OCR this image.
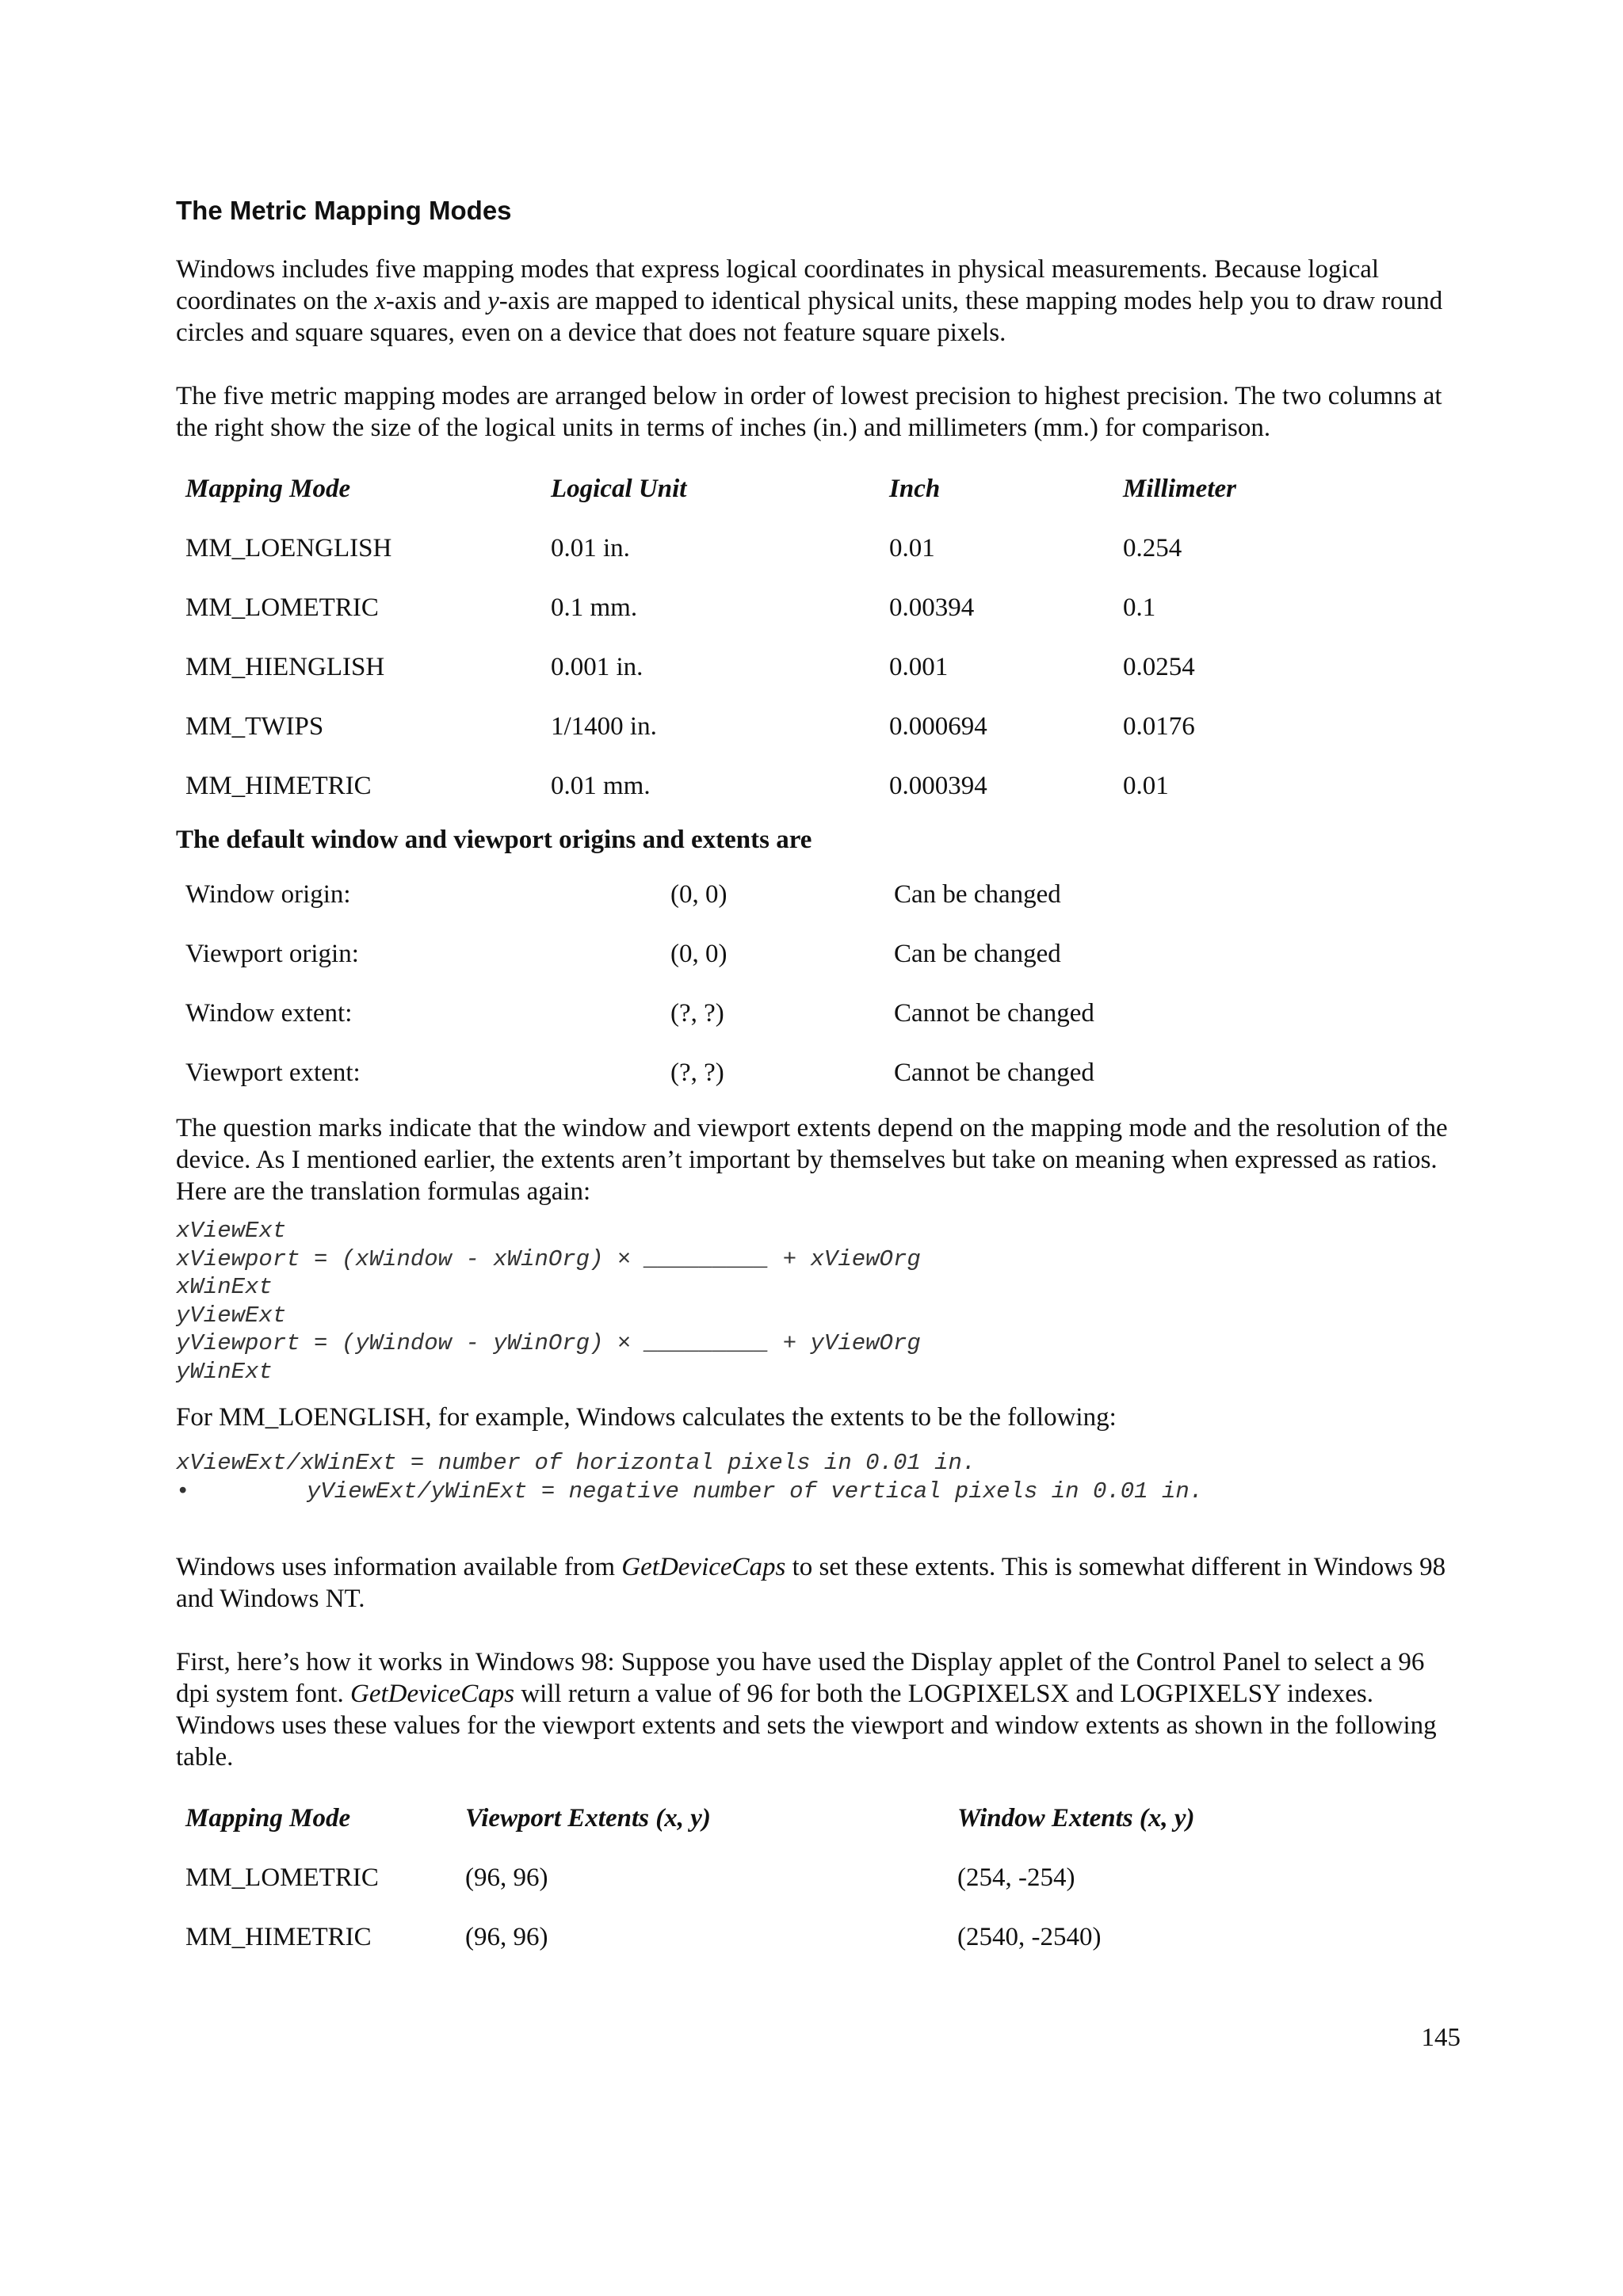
The Metric Mapping Modes

Windows includes five mapping modes that express logical coordinates in physical measurements. Because logical coordinates on the x-axis and y-axis are mapped to identical physical units, these mapping modes help you to draw round circles and square squares, even on a device that does not feature square pixels.

The five metric mapping modes are arranged below in order of lowest precision to highest precision. The two columns at the right show the size of the logical units in terms of inches (in.) and millimeters (mm.) for comparison.

Mapping Mode	Logical Unit	Inch	Millimeter
MM_LOENGLISH	0.01 in.	0.01	0.254
MM_LOMETRIC	0.1 mm.	0.00394	0.1
MM_HIENGLISH	0.001 in.	0.001	0.0254
MM_TWIPS	1/1400 in.	0.000694	0.0176
MM_HIMETRIC	0.01 mm.	0.000394	0.01
The default window and viewport origins and extents are
Window origin:	(0, 0)	Can be changed
Viewport origin:	(0, 0)	Can be changed
Window extent:	(?, ?)	Cannot be changed
Viewport extent:	(?, ?)	Cannot be changed

The question marks indicate that the window and viewport extents depend on the mapping mode and the resolution of the device. As I mentioned earlier, the extents aren’t important by themselves but take on meaning when expressed as ratios. Here are the translation formulas again:

xViewExt
xViewport = (xWindow - xWinOrg) × _________ + xViewOrg
xWinExt
yViewExt
yViewport = (yWindow - yWinOrg) × _________ + yViewOrg
yWinExt

For MM_LOENGLISH, for example, Windows calculates the extents to be the following:

xViewExt/xWinExt = number of horizontal pixels in 0.01 in.
•	yViewExt/yWinExt = negative number of vertical pixels in 0.01 in.

Windows uses information available from GetDeviceCaps to set these extents. This is somewhat different in Windows 98 and Windows NT.

First, here’s how it works in Windows 98: Suppose you have used the Display applet of the Control Panel to select a 96 dpi system font. GetDeviceCaps will return a value of 96 for both the LOGPIXELSX and LOGPIXELSY indexes. Windows uses these values for the viewport extents and sets the viewport and window extents as shown in the following table.

Mapping Mode	Viewport Extents (x, y)	Window Extents (x, y)
MM_LOMETRIC	(96, 96)	(254, -254)
MM_HIMETRIC	(96, 96)	(2540, -2540)
145
